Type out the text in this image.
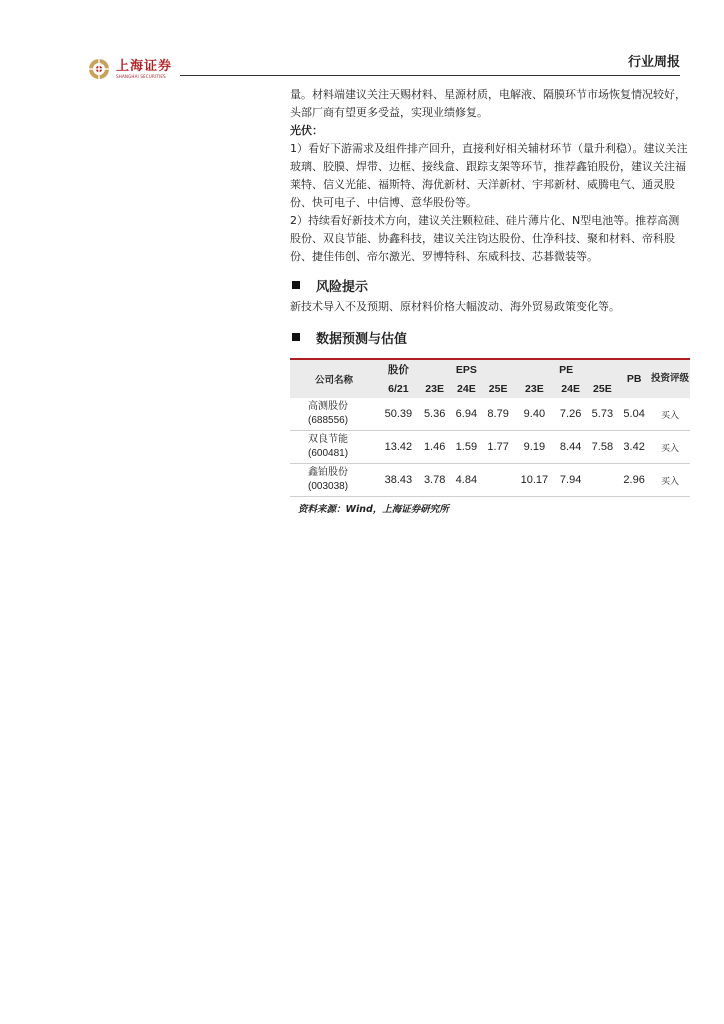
上海证券
SHANGHAI SECURITIES
行业周报

量。材料端建议关注天赐材料、星源材质，电解液、隔膜环节市场恢复情况较好，头部厂商有望更多受益，实现业绩修复。

光伏：

1）看好下游需求及组件排产回升，直接利好相关辅材环节（量升利稳）。建议关注玻璃、胶膜、焊带、边框、接线盒、跟踪支架等环节，推荐鑫铂股份，建议关注福莱特、信义光能、福斯特、海优新材、天洋新材、宇邦新材、威腾电气、通灵股份、快可电子、中信博、意华股份等。

2）持续看好新技术方向，建议关注颗粒硅、硅片薄片化、N型电池等。推荐高测股份、双良节能、协鑫科技，建议关注钧达股份、仕净科技、聚和材料、帝科股份、捷佳伟创、帝尔激光、罗博特科、东威科技、芯碁微装等。

风险提示

新技术导入不及预期、原材料价格大幅波动、海外贸易政策变化等。

数据预测与估值
公司名称	股价	EPS			PE			PB	投资评级
	6/21	23E	24E	25E	23E	24E	25E		

高测股份
(688556)	50.39	5.36	6.94	8.79	9.40	7.26	5.73	5.04	买入

双良节能
(600481)	13.42	1.46	1.59	1.77	9.19	8.44	7.58	3.42	买入

鑫铂股份
(003038)	38.43	3.78	4.84		10.17	7.94		2.96	买入
资料来源：Wind，上海证券研究所
